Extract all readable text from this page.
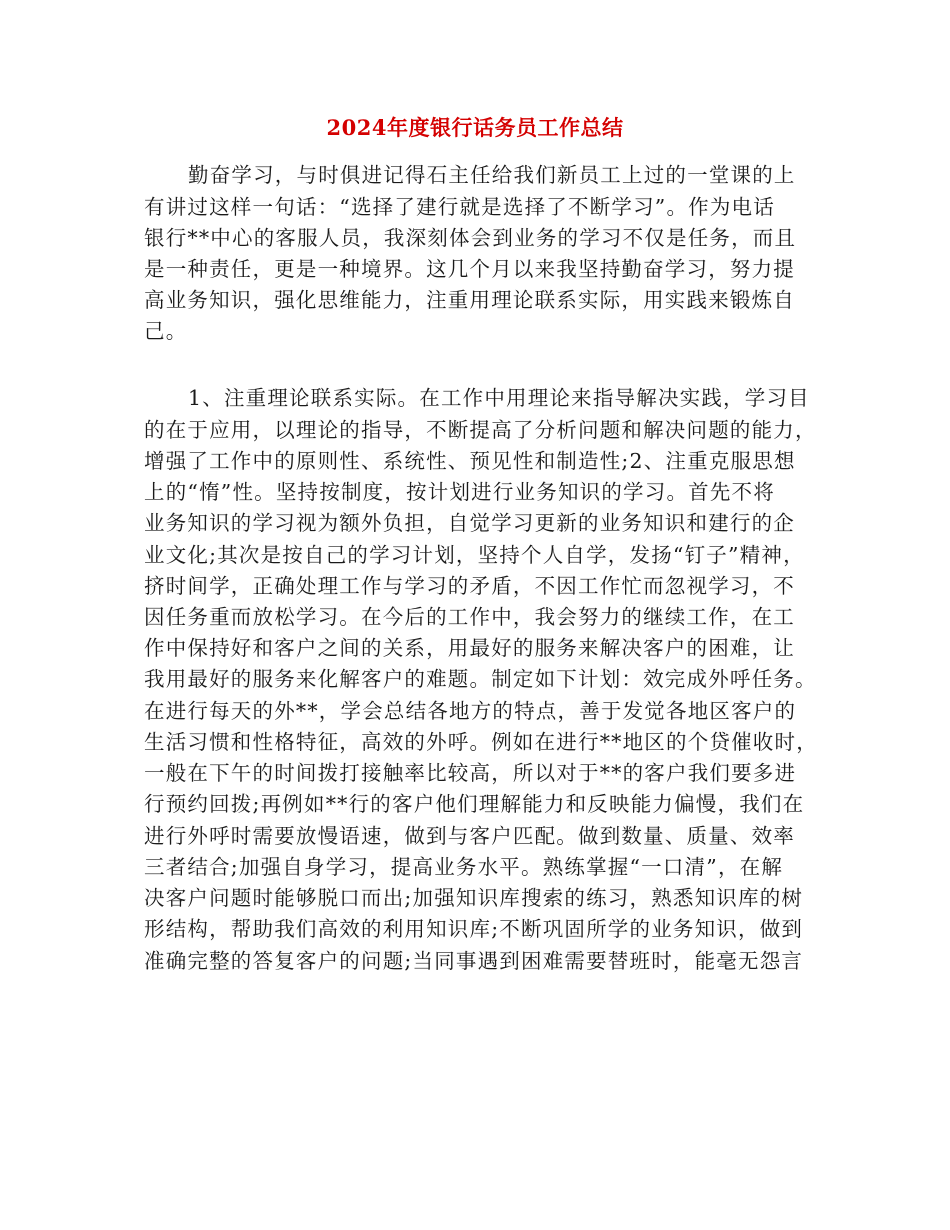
2024年度银行话务员工作总结
勤奋学习，与时俱进记得石主任给我们新员工上过的一堂课的上
有讲过这样一句话：“选择了建行就是选择了不断学习”。作为电话
银行**中心的客服人员，我深刻体会到业务的学习不仅是任务，而且
是一种责任，更是一种境界。这几个月以来我坚持勤奋学习，努力提
高业务知识，强化思维能力，注重用理论联系实际，用实践来锻炼自
己。
1、注重理论联系实际。在工作中用理论来指导解决实践，学习目
的在于应用，以理论的指导，不断提高了分析问题和解决问题的能力，
增强了工作中的原则性、系统性、预见性和制造性;2、注重克服思想
上的“惰”性。坚持按制度，按计划进行业务知识的学习。首先不将
业务知识的学习视为额外负担，自觉学习更新的业务知识和建行的企
业文化;其次是按自己的学习计划，坚持个人自学，发扬“钉子”精神，
挤时间学，正确处理工作与学习的矛盾，不因工作忙而忽视学习，不
因任务重而放松学习。在今后的工作中，我会努力的继续工作，在工
作中保持好和客户之间的关系，用最好的服务来解决客户的困难，让
我用最好的服务来化解客户的难题。制定如下计划：效完成外呼任务。
在进行每天的外**，学会总结各地方的特点，善于发觉各地区客户的
生活习惯和性格特征，高效的外呼。例如在进行**地区的个贷催收时，
一般在下午的时间拨打接触率比较高，所以对于**的客户我们要多进
行预约回拨;再例如**行的客户他们理解能力和反映能力偏慢，我们在
进行外呼时需要放慢语速，做到与客户匹配。做到数量、质量、效率
三者结合;加强自身学习，提高业务水平。熟练掌握“一口清”，在解
决客户问题时能够脱口而出;加强知识库搜索的练习，熟悉知识库的树
形结构，帮助我们高效的利用知识库;不断巩固所学的业务知识，做到
准确完整的答复客户的问题;当同事遇到困难需要替班时，能毫无怨言
